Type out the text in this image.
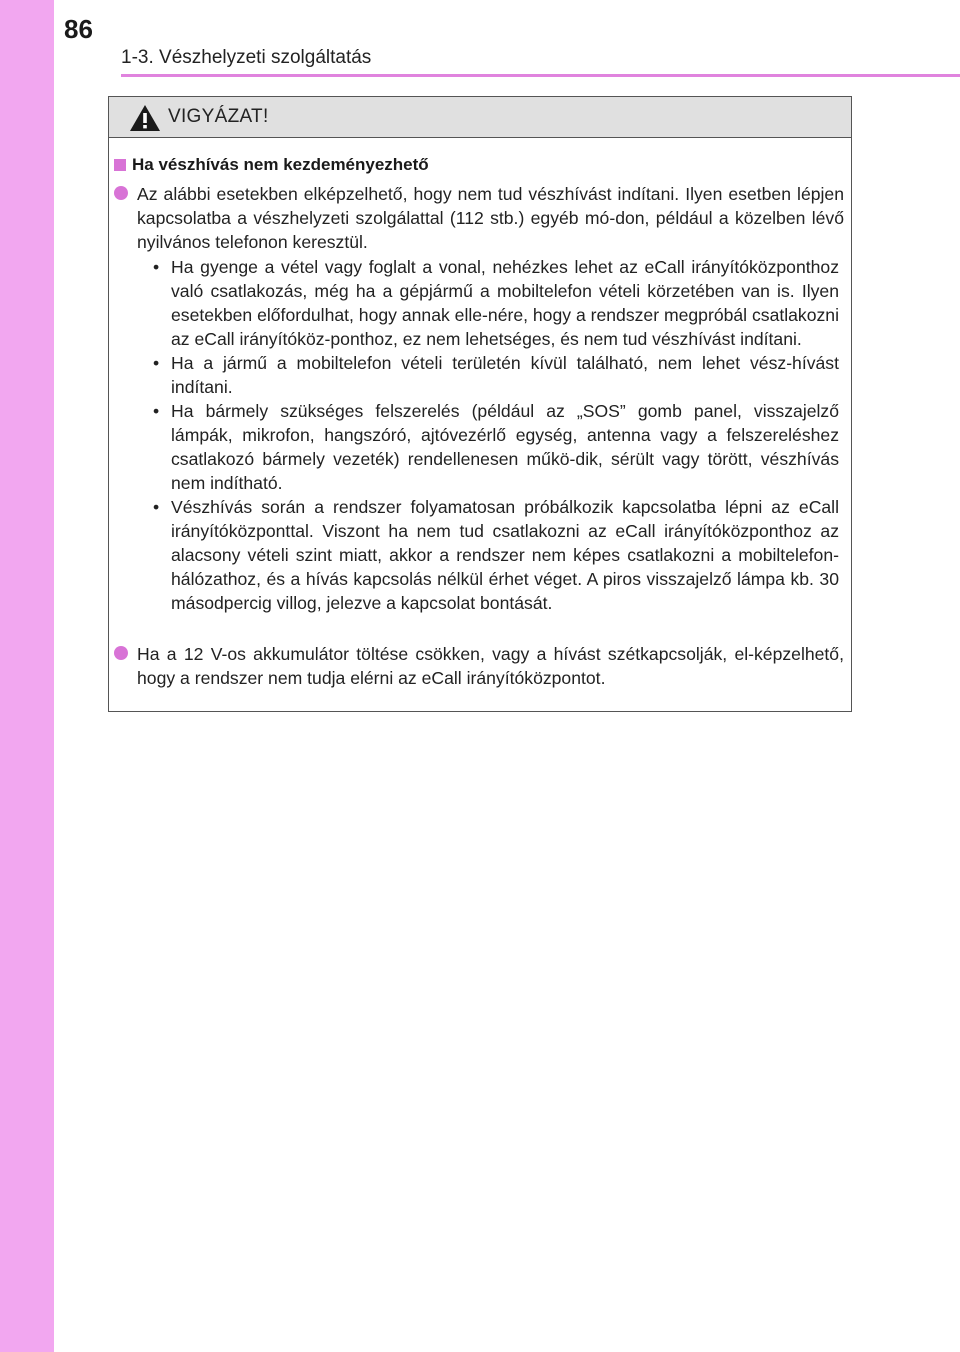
86
1-3. Vészhelyzeti szolgáltatás
VIGYÁZAT!
Ha vészhívás nem kezdeményezhető
Az alábbi esetekben elképzelhető, hogy nem tud vészhívást indítani. Ilyen esetben lépjen kapcsolatba a vészhelyzeti szolgálattal (112 stb.) egyéb mó-don, például a közelben lévő nyilvános telefonon keresztül.
• Ha gyenge a vétel vagy foglalt a vonal, nehézkes lehet az eCall irányítóközponthoz való csatlakozás, még ha a gépjármű a mobiltelefon vételi körzetében van is. Ilyen esetekben előfordulhat, hogy annak elle-nére, hogy a rendszer megpróbál csatlakozni az eCall irányítóköz-ponthoz, ez nem lehetséges, és nem tud vészhívást indítani.
• Ha a jármű a mobiltelefon vételi területén kívül található, nem lehet vész-hívást indítani.
• Ha bármely szükséges felszerelés (például az „SOS” gomb panel, visszajelző lámpák, mikrofon, hangszóró, ajtóvezérlő egység, antenna vagy a felszereléshez csatlakozó bármely vezeték) rendellenesen műkö-dik, sérült vagy törött, vészhívás nem indítható.
• Vészhívás során a rendszer folyamatosan próbálkozik kapcsolatba lépni az eCall irányítóközponttal. Viszont ha nem tud csatlakozni az eCall irányítóközponthoz az alacsony vételi szint miatt, akkor a rendszer nem képes csatlakozni a mobiltelefon-hálózathoz, és a hívás kapcsolás nélkül érhet véget. A piros visszajelző lámpa kb. 30 másodpercig villog, jelezve a kapcsolat bontását.
Ha a 12 V-os akkumulátor töltése csökken, vagy a hívást szétkapcsolják, el-képzelhető, hogy a rendszer nem tudja elérni az eCall irányítóközpontot.
